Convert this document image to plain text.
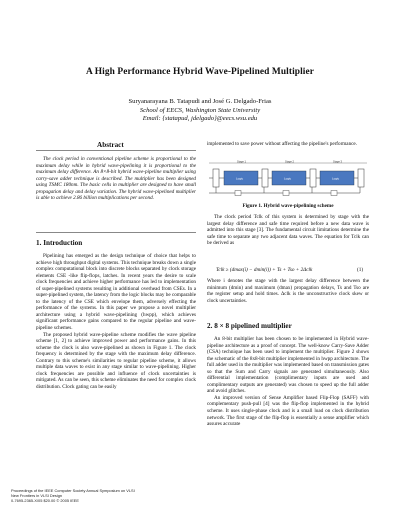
A High Performance Hybrid Wave-Pipelined Multiplier
Suryanarayana B. Tatapudi and José G. Delgado-Frias
School of EECS, Washington State University
Email: {statapud, jdelgado}@eecs.wsu.edu
Abstract
The clock period in conventional pipeline scheme is proportional to the maximum delay while in hybrid wave-pipelining it is proportional to the maximum delay difference. An 8×8-bit hybrid wave-pipeline multiplier using carry-save adder technique is described. The multiplier has been designed using TSMC 180nm. The basic cells in multiplier are designed to have small propagation delay and delay variation. The hybrid wave-pipelined multiplier is able to achieve 2.86 billion multiplications per second.
1. Introduction

Pipelining has emerged as the design technique of choice that helps to achieve high throughput digital systems. This technique breaks down a single complex computational block into discrete blocks separated by clock storage elements CSE -like flip-flops, latches. In recent years the desire to scale clock frequencies and achieve higher performance has led to implementation of super-pipelined systems resulting in additional overhead from CSEs. In a super-pipelined system, the latency from the logic blocks may be comparable to the latency of the CSE which envelope them, adversely effecting the performance of the systems. In this paper we propose a novel multiplier architecture using a hybrid wave-pipelining (hwpp), which achieves significant performance gains compared to the regular pipeline and wave-pipeline schemes.

The proposed hybrid wave-pipeline scheme modifies the wave pipeline scheme [1, 2] to achieve improved power and performance gains. In this scheme the clock is also wave-pipelined as shown in Figure 1. The clock frequency is determined by the stage with the maximum delay difference. Contrary to this scheme's similarities to regular pipeline scheme, it allows multiple data waves to exist in any stage similar to wave-pipelining. Higher clock frequencies are possible and influence of clock uncertainties is mitigated. As can be seen, this scheme eliminates the need for complex clock distribution. Clock gating can be easily

implemented to save power without affecting the pipeline's performance.

Stage 1	Stage 2	Stage 3
Logic	Logic	Logic
Figure 1. Hybrid wave-pipelining scheme

The clock period Tclk of this system is determined by stage with the largest delay difference and safe time required before a new data wave is admitted into this stage [3]. The fundamental circuit limitations determine the safe time to separate any two adjacent data waves. The equation for Tclk can be derived as

Tclk ≥ (dmax(i) − dmin(i)) + Ts + Tso + 2Δclk	(1)

Where i denotes the stage with the largest delay difference between the minimum (dmin) and maximum (dmax) propagation delays, Ts and Tso are the register setup and hold times. Δclk is the unconstructive clock skew or clock uncertainties.

2. 8 × 8 pipelined multiplier

An 8-bit multiplier has been chosen to be implemented in Hybrid wave-pipeline architecture as a proof of concept. The well-know Carry-Save Adder (CSA) technique has been used to implement the multiplier. Figure 2 shows the schematic of the 8x8-bit multiplier implemented in hwpp architecture. The full adder used in the multiplier was implemented based on transmission gates so that the Sum and Carry signals are generated simultaneously. Also differential implementation (complimentary inputs are used and complimentary outputs are generated) was chosen to speed up the full adder and avoid glitches.

An improved version of Sense Amplifier based Flip-Flop (SAFF) with complementary push-pull [4] was the flip-flop implemented in the hybrid scheme. It uses single-phase clock and is a small load on clock distribution network. The first stage of the flip-flop is essentially a sense amplifier which assures accurate

Proceedings of the IEEE Computer Society Annual Symposium on VLSI
New Frontiers in VLSI Design
0-7695-2365-X/05 $20.00 © 2005 IEEE
